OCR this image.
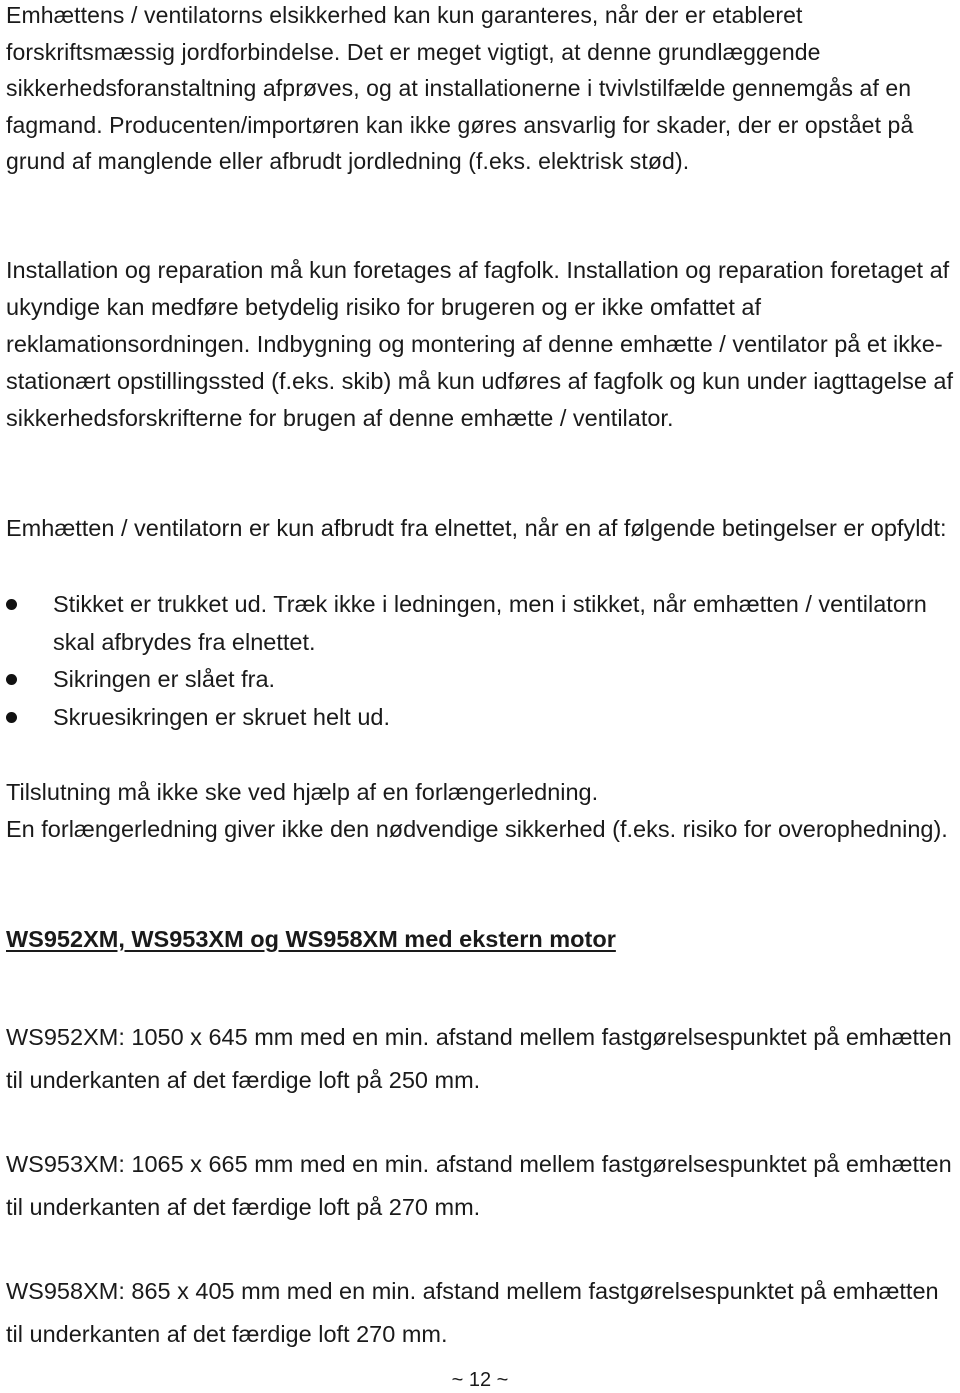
Emhættens / ventilatorns elsikkerhed kan kun garanteres, når der er etableret forskriftsmæssig jordforbindelse. Det er meget vigtigt, at denne grundlæggende sikkerhedsforanstaltning afprøves, og at installationerne i tvivlstilfælde gennemgås af en fagmand. Producenten/importøren kan ikke gøres ansvarlig for skader, der er opstået på grund af manglende eller afbrudt jordledning (f.eks. elektrisk stød).

Installation og reparation må kun foretages af fagfolk. Installation og reparation foretaget af ukyndige kan medføre betydelig risiko for brugeren og er ikke omfattet af reklamationsordningen. Indbygning og montering af denne emhætte / ventilator på et ikke-stationært opstillingssted (f.eks. skib) må kun udføres af fagfolk og kun under iagttagelse af sikkerhedsforskrifterne for brugen af denne emhætte / ventilator.

Emhætten / ventilatorn er kun afbrudt fra elnettet, når en af følgende betingelser er opfyldt:

Stikket er trukket ud. Træk ikke i ledningen, men i stikket, når emhætten / ventilatorn skal afbrydes fra elnettet.
Sikringen er slået fra.
Skruesikringen er skruet helt ud.
Tilslutning må ikke ske ved hjælp af en forlængerledning.
En forlængerledning giver ikke den nødvendige sikkerhed (f.eks. risiko for overophedning).
WS952XM, WS953XM og WS958XM med ekstern motor

WS952XM: 1050 x 645 mm med en min. afstand mellem fastgørelsespunktet på emhætten til underkanten af det færdige loft på 250 mm.

WS953XM: 1065 x 665 mm med en min. afstand mellem fastgørelsespunktet på emhætten til underkanten af det færdige loft på 270 mm.

WS958XM: 865 x 405 mm med en min. afstand mellem fastgørelsespunktet på emhætten til underkanten af det færdige loft 270 mm.

~ 12 ~
